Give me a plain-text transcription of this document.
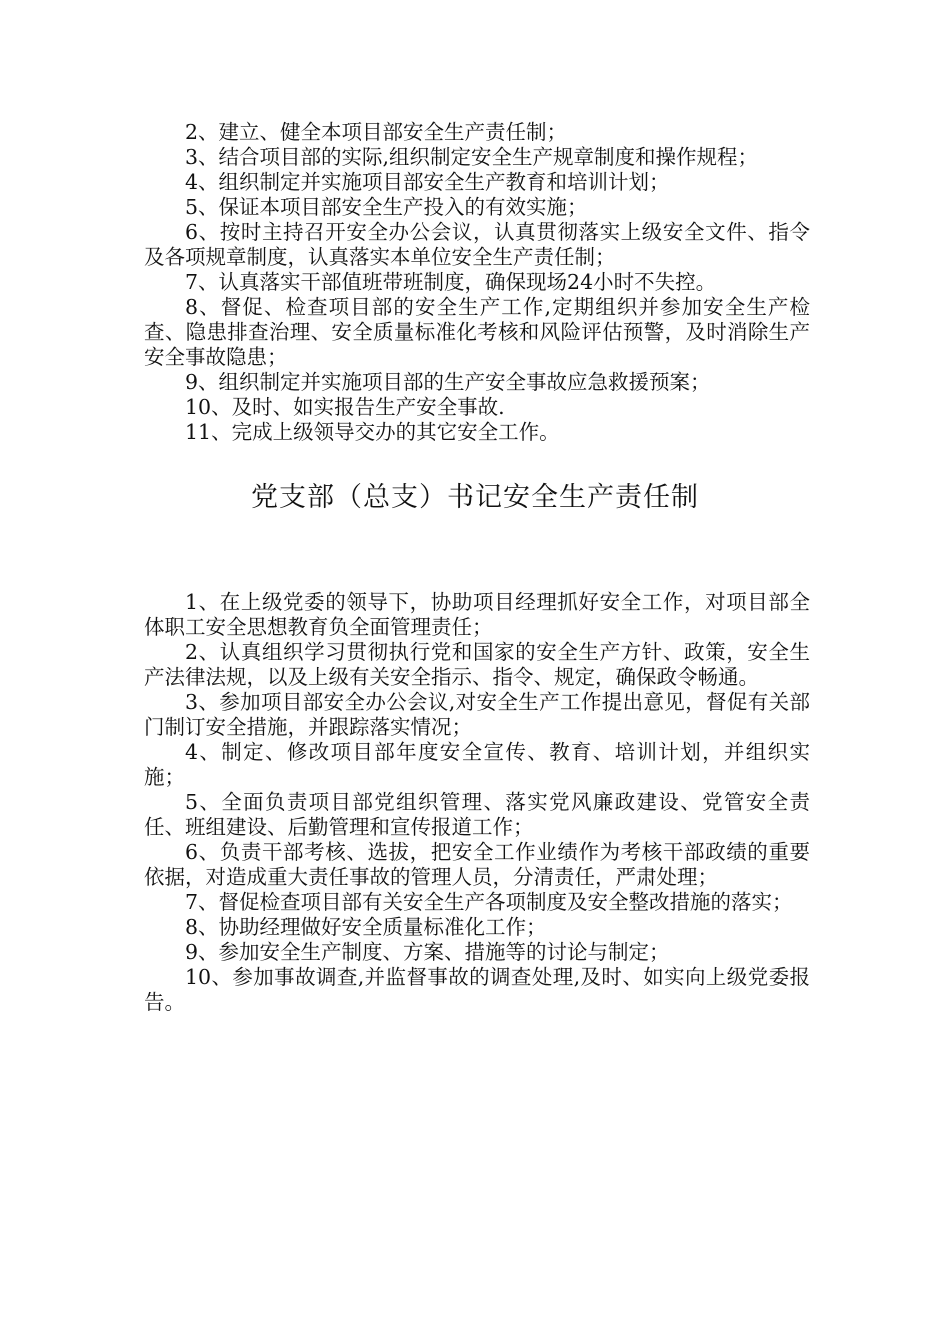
2、建立、健全本项目部安全生产责任制；

3、结合项目部的实际,组织制定安全生产规章制度和操作规程；

4、组织制定并实施项目部安全生产教育和培训计划；

5、保证本项目部安全生产投入的有效实施；

6、按时主持召开安全办公会议，认真贯彻落实上级安全文件、指令及各项规章制度，认真落实本单位安全生产责任制；

7、认真落实干部值班带班制度，确保现场24小时不失控。

8、督促、检查项目部的安全生产工作,定期组织并参加安全生产检查、隐患排查治理、安全质量标准化考核和风险评估预警，及时消除生产安全事故隐患；

9、组织制定并实施项目部的生产安全事故应急救援预案；

10、及时、如实报告生产安全事故.

11、完成上级领导交办的其它安全工作。

党支部（总支）书记安全生产责任制

1、在上级党委的领导下，协助项目经理抓好安全工作，对项目部全体职工安全思想教育负全面管理责任；

2、认真组织学习贯彻执行党和国家的安全生产方针、政策，安全生产法律法规，以及上级有关安全指示、指令、规定，确保政令畅通。

3、参加项目部安全办公会议,对安全生产工作提出意见，督促有关部门制订安全措施，并跟踪落实情况；

4、制定、修改项目部年度安全宣传、教育、培训计划，并组织实施；

5、全面负责项目部党组织管理、落实党风廉政建设、党管安全责任、班组建设、后勤管理和宣传报道工作；

6、负责干部考核、选拔，把安全工作业绩作为考核干部政绩的重要依据，对造成重大责任事故的管理人员，分清责任，严肃处理；

7、督促检查项目部有关安全生产各项制度及安全整改措施的落实；

8、协助经理做好安全质量标准化工作；

9、参加安全生产制度、方案、措施等的讨论与制定；

10、参加事故调查,并监督事故的调查处理,及时、如实向上级党委报告。
